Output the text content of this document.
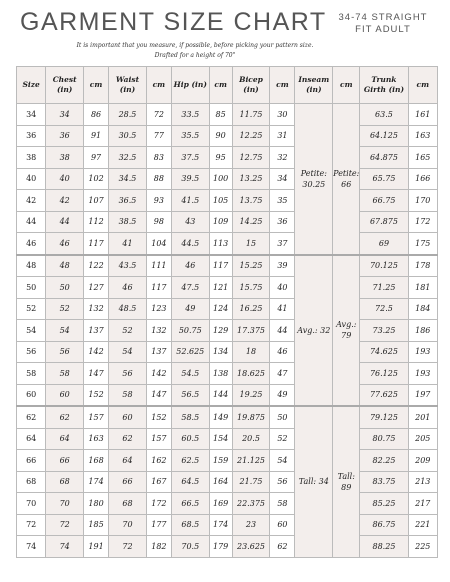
GARMENT SIZE CHART	34-74 STRAIGHT
FIT ADULT
It is important that you measure, if possible, before picking your pattern size.
Drafted for a height of 70"
Size	Chest (in)	cm	Waist (in)	cm	Hip (in)	cm	Bicep (in)	cm	Inseam (in)	cm	Trunk Girth (in)	cm
34	34	86	28.5	72	33.5	85	11.75	30	Petite: 30.25	Petite: 66	63.5	161
36	36	91	30.5	77	35.5	90	12.25	31			64.125	163
38	38	97	32.5	83	37.5	95	12.75	32			64.875	165
40	40	102	34.5	88	39.5	100	13.25	34			65.75	166
42	42	107	36.5	93	41.5	105	13.75	35			66.75	170
44	44	112	38.5	98	43	109	14.25	36			67.875	172
46	46	117	41	104	44.5	113	15	37			69	175
48	48	122	43.5	111	46	117	15.25	39	Avg.: 32	Avg.: 79	70.125	178
50	50	127	46	117	47.5	121	15.75	40			71.25	181
52	52	132	48.5	123	49	124	16.25	41			72.5	184
54	54	137	52	132	50.75	129	17.375	44			73.25	186
56	56	142	54	137	52.625	134	18	46			74.625	193
58	58	147	56	142	54.5	138	18.625	47			76.125	193
60	60	152	58	147	56.5	144	19.25	49			77.625	197
62	62	157	60	152	58.5	149	19.875	50	Tall: 34	Tall: 89	79.125	201
64	64	163	62	157	60.5	154	20.5	52			80.75	205
66	66	168	64	162	62.5	159	21.125	54			82.25	209
68	68	174	66	167	64.5	164	21.75	56			83.75	213
70	70	180	68	172	66.5	169	22.375	58			85.25	217
72	72	185	70	177	68.5	174	23	60			86.75	221
74	74	191	72	182	70.5	179	23.625	62			88.25	225
